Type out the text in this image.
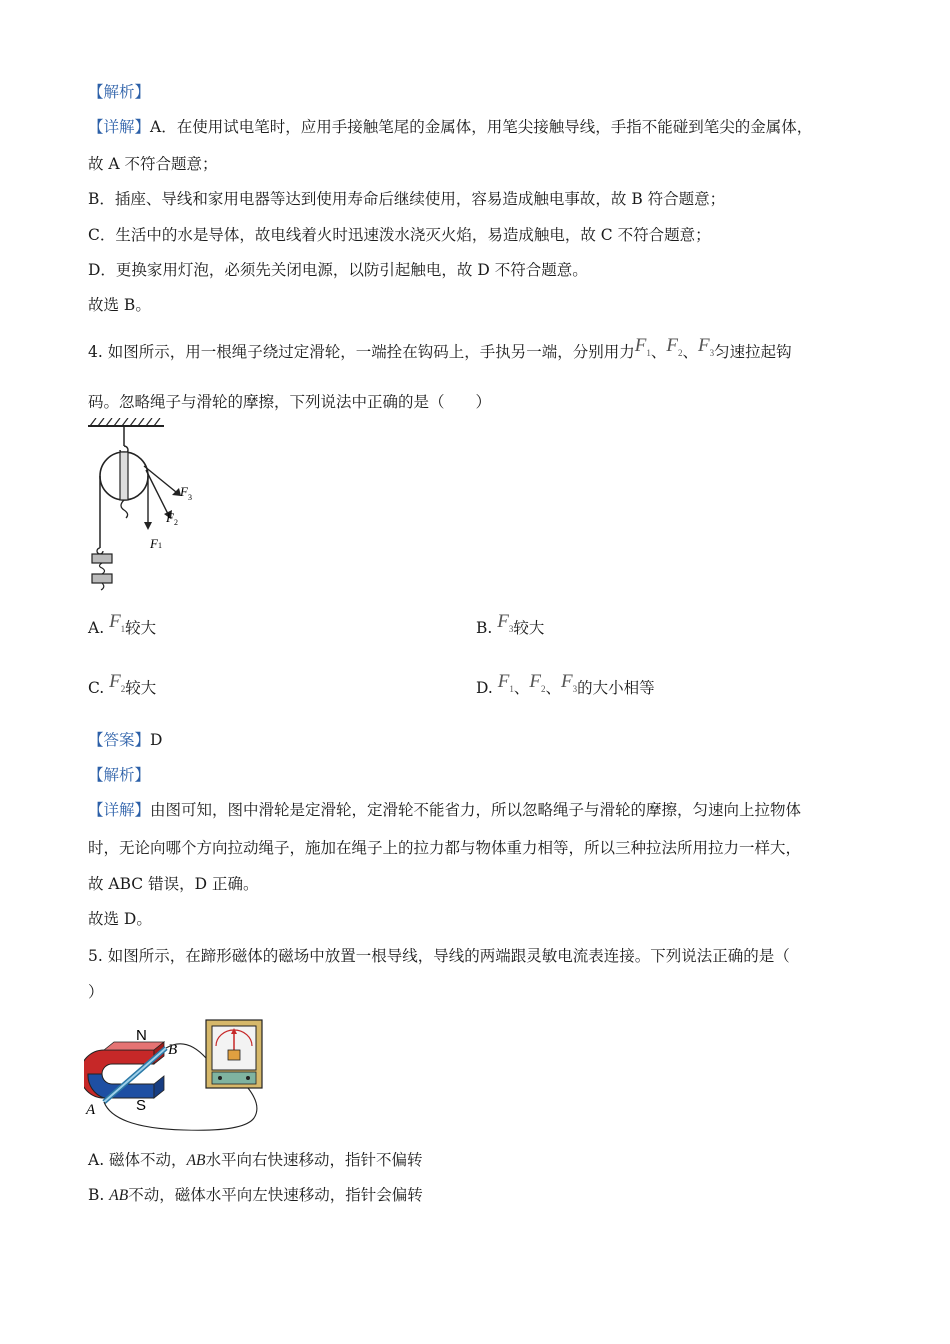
【解析】
【详解】A．在使用试电笔时，应用手接触笔尾的金属体，用笔尖接触导线，手指不能碰到笔尖的金属体，
故 A 不符合题意；
B．插座、导线和家用电器等达到使用寿命后继续使用，容易造成触电事故，故 B 符合题意；
C．生活中的水是导体，故电线着火时迅速泼水浇灭火焰，易造成触电，故 C 不符合题意；
D．更换家用灯泡，必须先关闭电源，以防引起触电，故 D 不符合题意。
故选 B。
4. 如图所示，用一根绳子绕过定滑轮，一端拴在钩码上，手执另一端，分别用力$F_1$、$F_2$、$F_3$匀速拉起钩
码。忽略绳子与滑轮的摩擦，下列说法中正确的是（　　）
F 1
F 2
F 3
A. $F_1$较大	B. $F_3$较大
C. $F_2$较大	D. $F_1$、$F_2$、$F_3$的大小相等
【答案】D
【解析】
【详解】由图可知，图中滑轮是定滑轮，定滑轮不能省力，所以忽略绳子与滑轮的摩擦，匀速向上拉物体
时，无论向哪个方向拉动绳子，施加在绳子上的拉力都与物体重力相等，所以三种拉法所用拉力一样大，
故 ABC 错误，D 正确。
故选 D。
5. 如图所示，在蹄形磁体的磁场中放置一根导线，导线的两端跟灵敏电流表连接。下列说法正确的是（
）
N
S
A
B
A. 磁体不动，AB水平向右快速移动，指针不偏转
B. AB不动，磁体水平向左快速移动，指针会偏转
